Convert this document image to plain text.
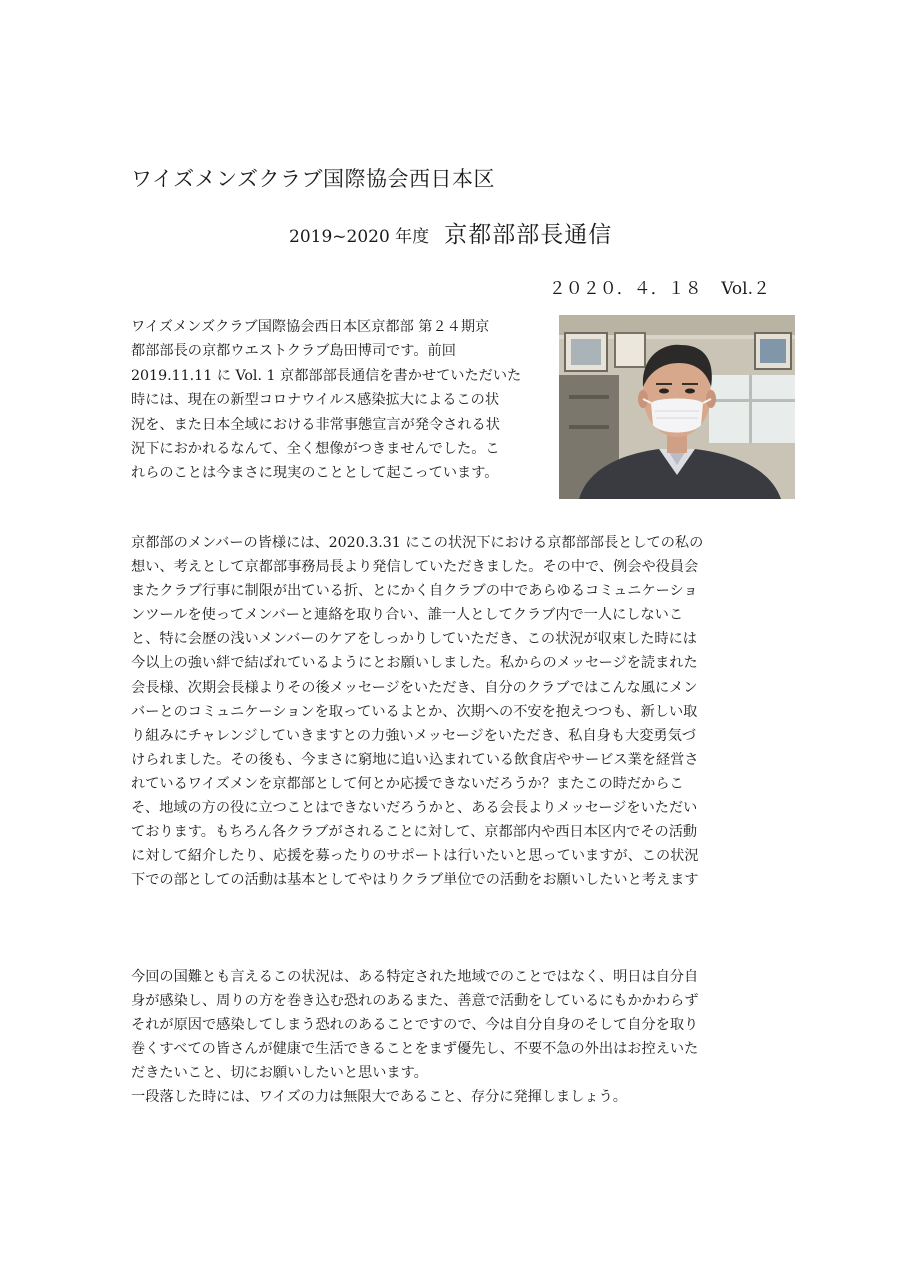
ワイズメンズクラブ国際協会西日本区
2019~2020 年度 京都部部長通信
２０２０．４．１８ Vol.２
ワイズメンズクラブ国際協会西日本区京都部 第２４期京
都部部長の京都ウエストクラブ島田博司です。前回
2019.11.11 に Vol. 1 京都部部長通信を書かせていただいた
時には、現在の新型コロナウイルス感染拡大によるこの状
況を、また日本全域における非常事態宣言が発令される状
況下におかれるなんて、全く想像がつきませんでした。こ
れらのことは今まさに現実のこととして起こっています。
京都部のメンバーの皆様には、2020.3.31 にこの状況下における京都部部長としての私の
想い、考えとして京都部事務局長より発信していただきました。その中で、例会や役員会
またクラブ行事に制限が出ている折、とにかく自クラブの中であらゆるコミュニケーショ
ンツールを使ってメンバーと連絡を取り合い、誰一人としてクラブ内で一人にしないこ
と、特に会歴の浅いメンバーのケアをしっかりしていただき、この状況が収束した時には
今以上の強い絆で結ばれているようにとお願いしました。私からのメッセージを読まれた
会長様、次期会長様よりその後メッセージをいただき、自分のクラブではこんな風にメン
バーとのコミュニケーションを取っているよとか、次期への不安を抱えつつも、新しい取
り組みにチャレンジしていきますとの力強いメッセージをいただき、私自身も大変勇気づ
けられました。その後も、今まさに窮地に追い込まれている飲食店やサービス業を経営さ
れているワイズメンを京都部として何とか応援できないだろうか？またこの時だからこ
そ、地域の方の役に立つことはできないだろうかと、ある会長よりメッセージをいただい
ております。もちろん各クラブがされることに対して、京都部内や西日本区内でその活動
に対して紹介したり、応援を募ったりのサポートは行いたいと思っていますが、この状況
下での部としての活動は基本としてやはりクラブ単位での活動をお願いしたいと考えます
今回の国難とも言えるこの状況は、ある特定された地域でのことではなく、明日は自分自
身が感染し、周りの方を巻き込む恐れのあるまた、善意で活動をしているにもかかわらず
それが原因で感染してしまう恐れのあることですので、今は自分自身のそして自分を取り
巻くすべての皆さんが健康で生活できることをまず優先し、不要不急の外出はお控えいた
だきたいこと、切にお願いしたいと思います。
一段落した時には、ワイズの力は無限大であること、存分に発揮しましょう。
